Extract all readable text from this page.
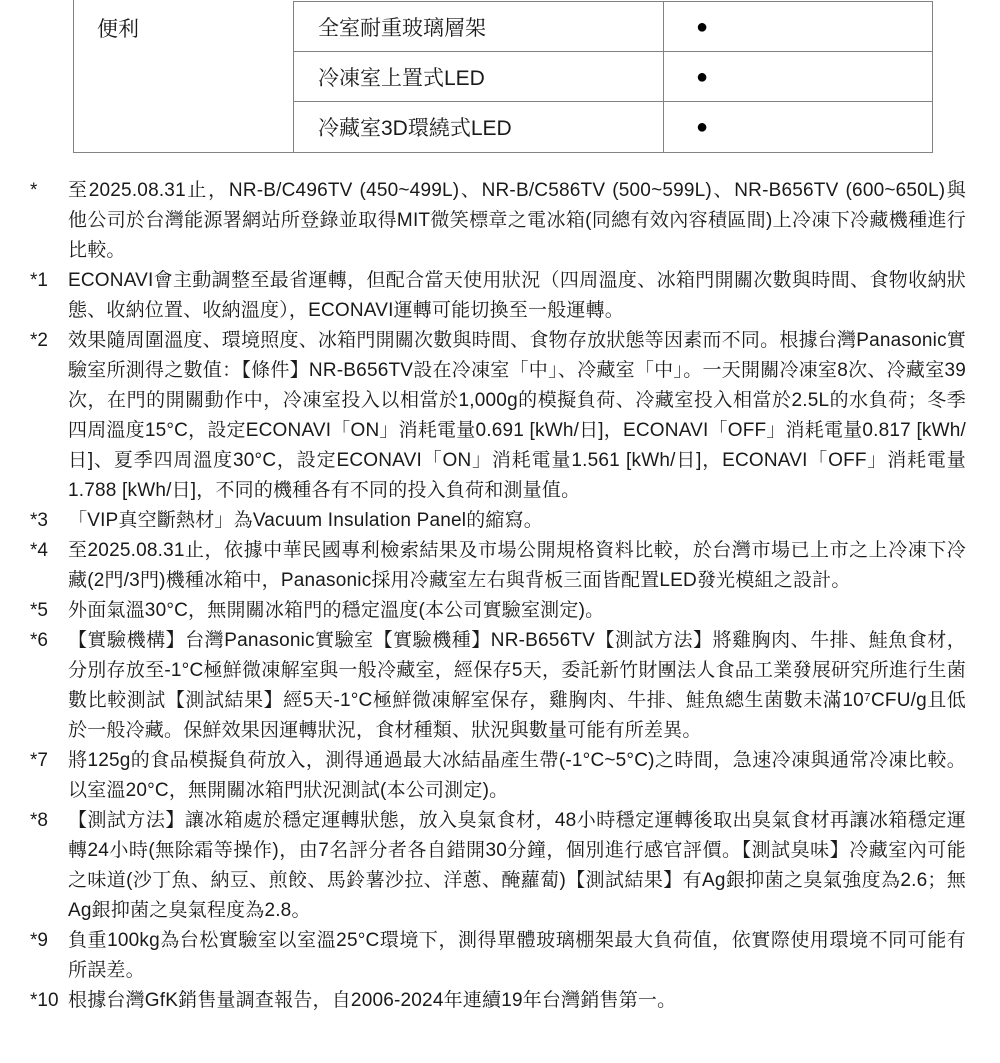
便利	全室耐重玻璃層架	●
冷凍室上置式LED	●
冷藏室3D環繞式LED	●
*	至2025.08.31止，NR-B/C496TV (450~499L)、NR-B/C586TV (500~599L)、NR-B656TV (600~650L)與他公司於台灣能源署網站所登錄並取得MIT微笑標章之電冰箱(同總有效內容積區間)上冷凍下冷藏機種進行比較。
*1	ECONAVI會主動調整至最省運轉，但配合當天使用狀況（四周溫度、冰箱門開關次數與時間、食物收納狀態、收納位置、收納溫度），ECONAVI運轉可能切換至一般運轉。
*2	效果隨周圍溫度、環境照度、冰箱門開關次數與時間、食物存放狀態等因素而不同。根據台灣Panasonic實驗室所測得之數值：【條件】NR-B656TV設在冷凍室「中」、冷藏室「中」。一天開關冷凍室8次、冷藏室39次，在門的開關動作中，冷凍室投入以相當於1,000g的模擬負荷、冷藏室投入相當於2.5L的水負荷；冬季四周溫度15°C，設定ECONAVI「ON」消耗電量0.691 [kWh/日]，ECONAVI「OFF」消耗電量0.817 [kWh/日]、夏季四周溫度30°C，設定ECONAVI「ON」消耗電量1.561 [kWh/日]，ECONAVI「OFF」消耗電量1.788 [kWh/日]，不同的機種各有不同的投入負荷和測量值。
*3	「VIP真空斷熱材」為Vacuum Insulation Panel的縮寫。
*4	至2025.08.31止，依據中華民國專利檢索結果及市場公開規格資料比較，於台灣市場已上市之上冷凍下冷藏(2門/3門)機種冰箱中，Panasonic採用冷藏室左右與背板三面皆配置LED發光模組之設計。
*5	外面氣溫30°C，無開關冰箱門的穩定溫度(本公司實驗室測定)。
*6	【實驗機構】台灣Panasonic實驗室【實驗機種】NR-B656TV【測試方法】將雞胸肉、牛排、鮭魚食材，分別存放至-1°C極鮮微凍解室與一般冷藏室，經保存5天，委託新竹財團法人食品工業發展研究所進行生菌數比較測試【測試結果】經5天-1°C極鮮微凍解室保存，雞胸肉、牛排、鮭魚總生菌數未滿10⁷CFU/g且低於一般冷藏。保鮮效果因運轉狀況，食材種類、狀況與數量可能有所差異。
*7	將125g的食品模擬負荷放入，測得通過最大冰結晶產生帶(-1°C~5°C)之時間，急速冷凍與通常冷凍比較。以室溫20°C，無開關冰箱門狀況測試(本公司測定)。
*8	【測試方法】讓冰箱處於穩定運轉狀態，放入臭氣食材，48小時穩定運轉後取出臭氣食材再讓冰箱穩定運轉24小時(無除霜等操作)，由7名評分者各自錯開30分鐘，個別進行感官評價。【測試臭味】冷藏室內可能之味道(沙丁魚、納豆、煎餃、馬鈴薯沙拉、洋蔥、醃蘿蔔)【測試結果】有Ag銀抑菌之臭氣強度為2.6；無Ag銀抑菌之臭氣程度為2.8。
*9	負重100kg為台松實驗室以室溫25°C環境下，測得單體玻璃棚架最大負荷值，依實際使用環境不同可能有所誤差。
*10 根據台灣GfK銷售量調查報告，自2006-2024年連續19年台灣銷售第一。
